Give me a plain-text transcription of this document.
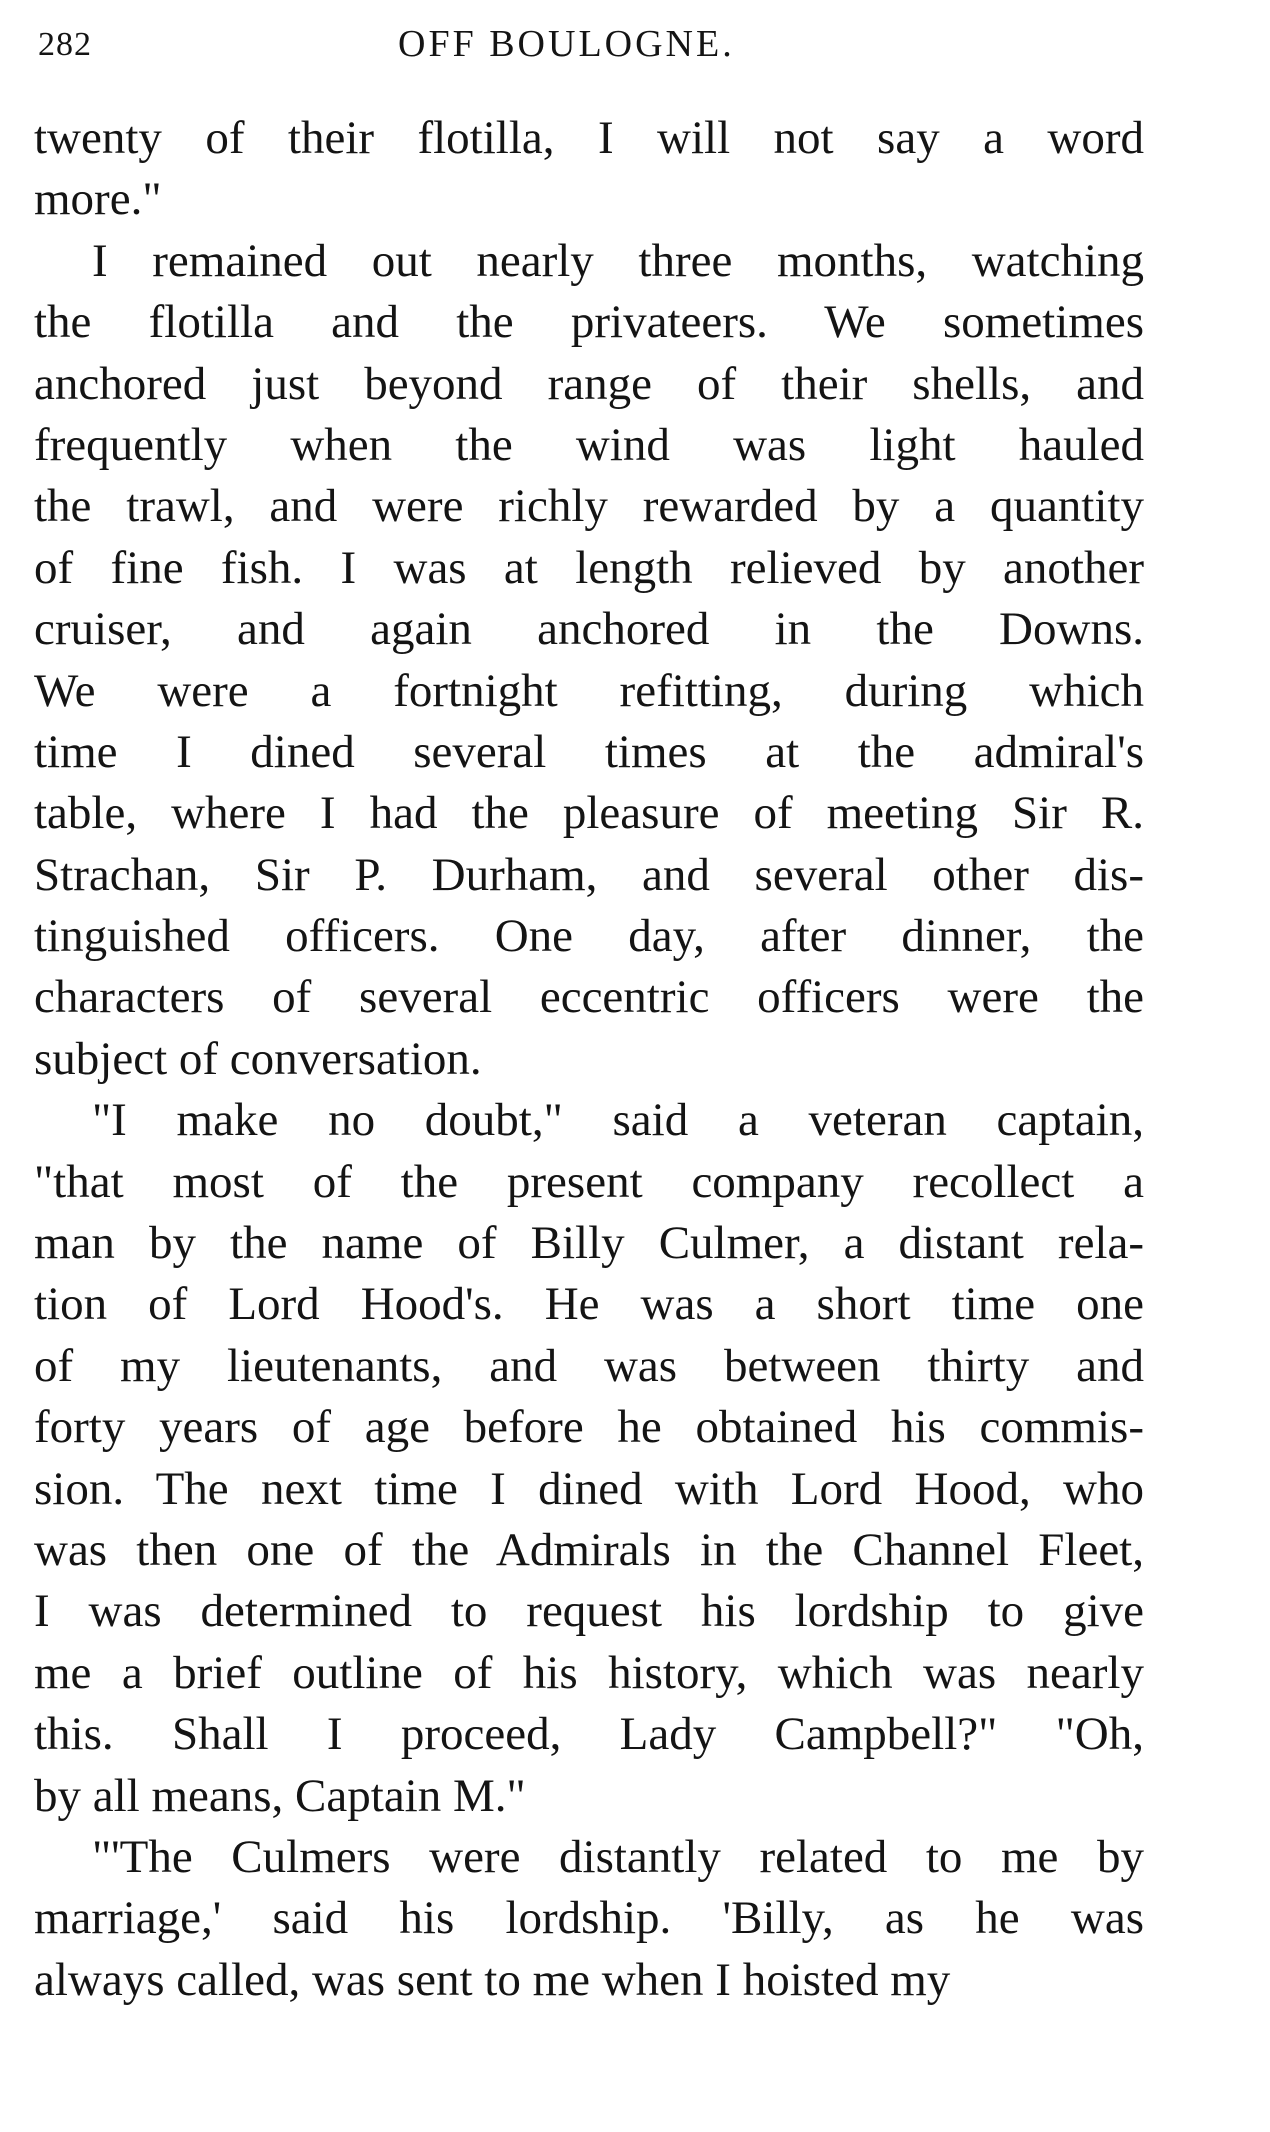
282	OFF BOULOGNE.
twenty of their flotilla, I will not say a word
more."
I remained out nearly three months, watching
the flotilla and the privateers. We sometimes
anchored just beyond range of their shells, and
frequently when the wind was light hauled
the trawl, and were richly rewarded by a quantity
of fine fish. I was at length relieved by another
cruiser, and again anchored in the Downs.
We were a fortnight refitting, during which
time I dined several times at the admiral's
table, where I had the pleasure of meeting Sir R.
Strachan, Sir P. Durham, and several other dis-
tinguished officers. One day, after dinner, the
characters of several eccentric officers were the
subject of conversation.
"I make no doubt," said a veteran captain,
"that most of the present company recollect a
man by the name of Billy Culmer, a distant rela-
tion of Lord Hood's. He was a short time one
of my lieutenants, and was between thirty and
forty years of age before he obtained his commis-
sion. The next time I dined with Lord Hood, who
was then one of the Admirals in the Channel Fleet,
I was determined to request his lordship to give
me a brief outline of his history, which was nearly
this. Shall I proceed, Lady Campbell?" "Oh,
by all means, Captain M."
"'The Culmers were distantly related to me by
marriage,' said his lordship. 'Billy, as he was
always called, was sent to me when I hoisted my
